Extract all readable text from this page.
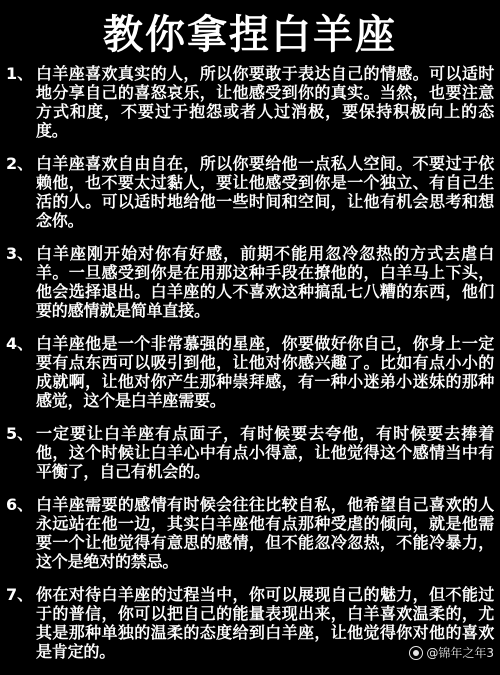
教你拿捏白羊座
1、 白羊座喜欢真实的人，所以你要敢于表达自己的情感。可以适时地分享自己的喜怒哀乐，让他感受到你的真实。当然，也要注意方式和度，不要过于抱怨或者人过消极，要保持积极向上的态度。
2、 白羊座喜欢自由自在，所以你要给他一点私人空间。不要过于依赖他，也不要太过黏人，要让他感受到你是一个独立、有自己生活的人。可以适时地给他一些时间和空间，让他有机会思考和想念你。
3、 白羊座刚开始对你有好感，前期不能用忽冷忽热的方式去虐白羊。一旦感受到你是在用那这种手段在撩他的，白羊马上下头，他会选择退出。白羊座的人不喜欢这种搞乱七八糟的东西，他们要的感情就是简单直接。
4、 白羊座他是一个非常慕强的星座，你要做好你自己，你身上一定要有点东西可以吸引到他，让他对你感兴趣了。比如有点小小的成就啊，让他对你产生那种崇拜感，有一种小迷弟小迷妹的那种感觉，这个是白羊座需要。
5、 一定要让白羊座有点面子，有时候要去夸他，有时候要去捧着他，这个时候让白羊心中有点小得意，让他觉得这个感情当中有平衡了，自己有机会的。
6、 白羊座需要的感情有时候会往往比较自私，他希望自己喜欢的人永远站在他一边，其实白羊座他有点那种受虐的倾向，就是他需要一个让他觉得有意思的感情，但不能忽冷忽热，不能冷暴力，这个是绝对的禁忌。
7、 你在对待白羊座的过程当中，你可以展现自己的魅力，但不能过于的普信，你可以把自己的能量表现出来，白羊喜欢温柔的，尤其是那种单独的温柔的态度给到白羊座，让他觉得你对他的喜欢是肯定的。	@锦年之年3
